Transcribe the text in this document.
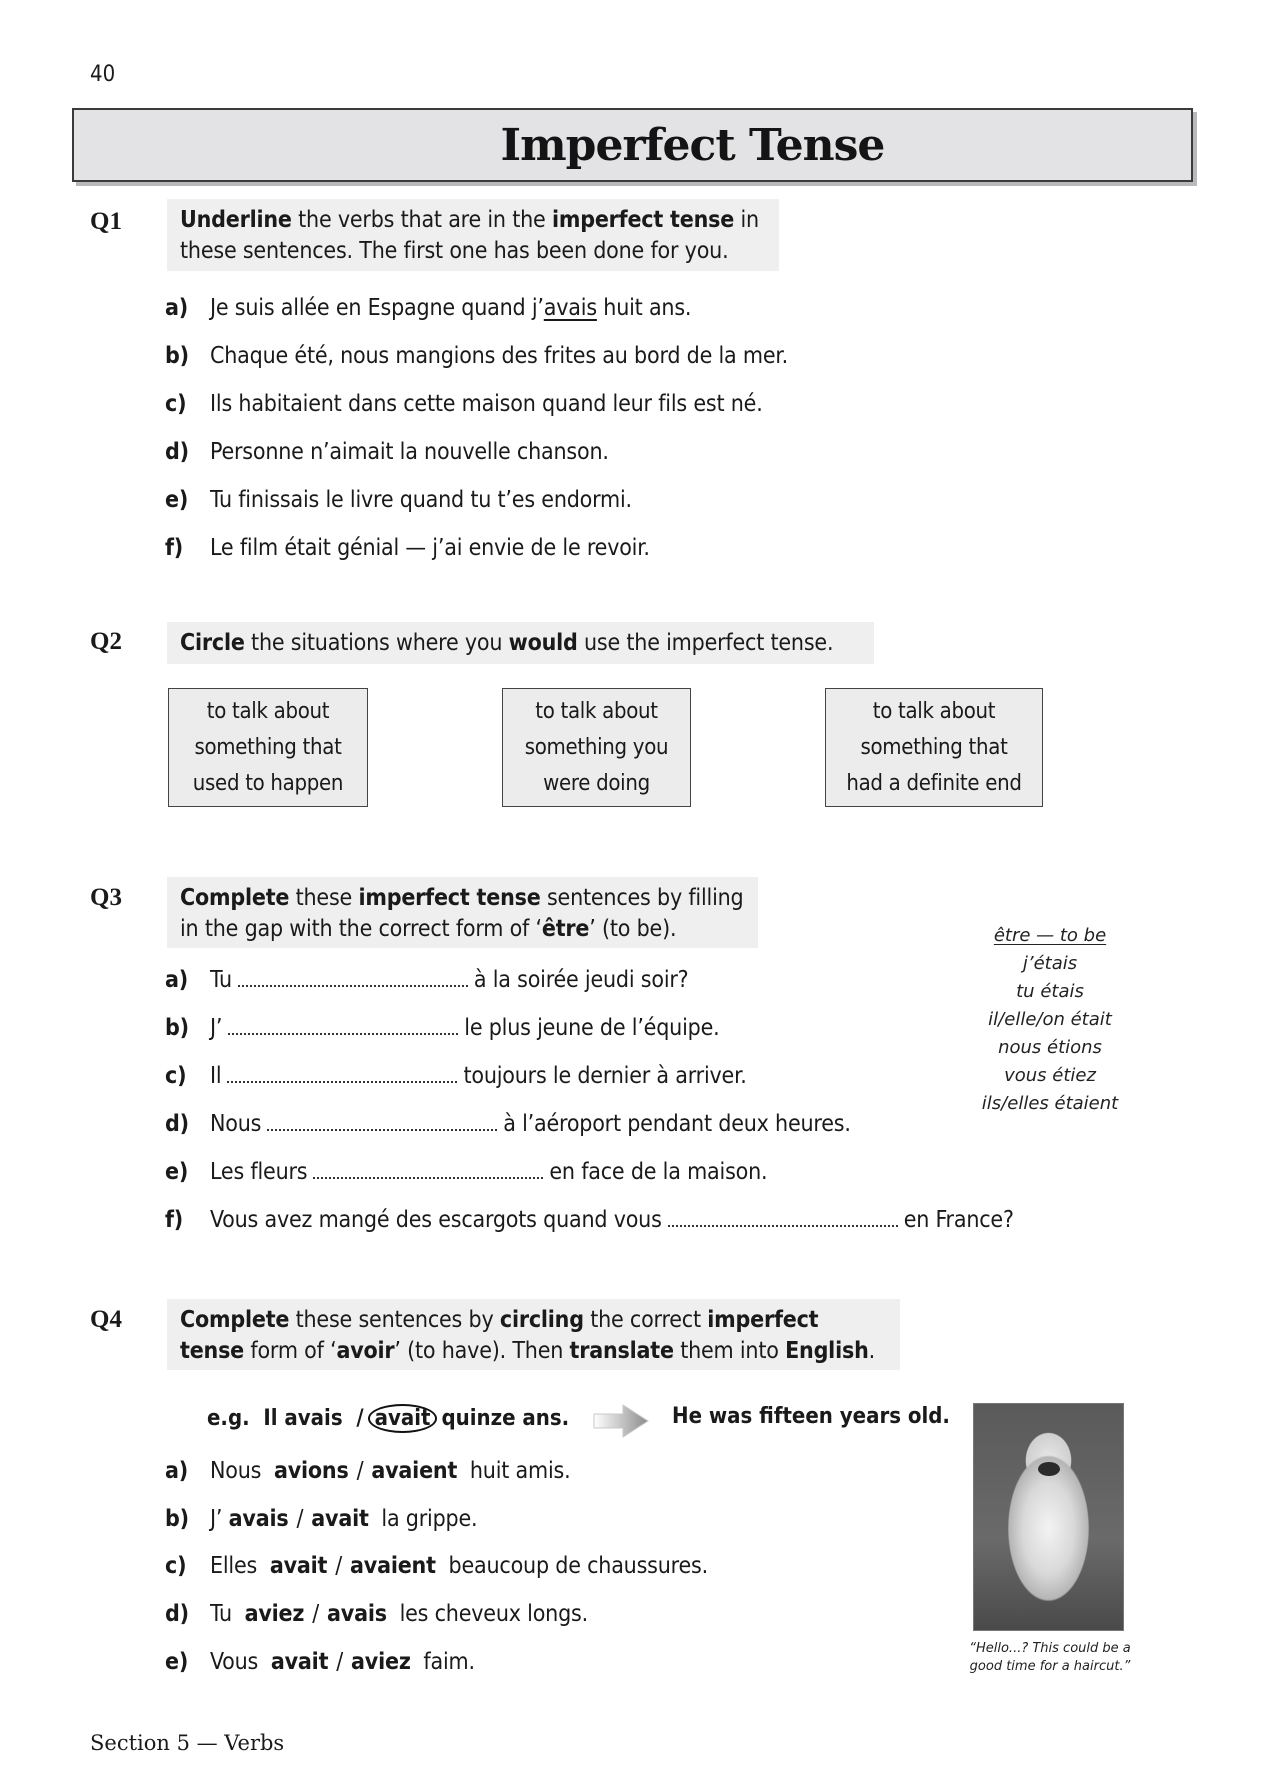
40
Imperfect Tense
Q1	Underline the verbs that are in the imperfect tense in
these sentences. The first one has been done for you.
a) Je suis allée en Espagne quand j’avais huit ans.
b) Chaque été, nous mangions des frites au bord de la mer.
c) Ils habitaient dans cette maison quand leur fils est né.
d) Personne n’aimait la nouvelle chanson.
e) Tu finissais le livre quand tu t’es endormi.
f) Le film était génial — j’ai envie de le revoir.
Q2	Circle the situations where you would use the imperfect tense.
to talk about
something that
used to happen
to talk about
something you
were doing
to talk about
something that
had a definite end
Q3	Complete these imperfect tense sentences by filling
in the gap with the correct form of ‘être’ (to be).
a) Tu	à la soirée jeudi soir?
b) J’	le plus jeune de l’équipe.
c) Il	toujours le dernier à arriver.
d) Nous	à l’aéroport pendant deux heures.
e) Les fleurs	en face de la maison.
f) Vous avez mangé des escargots quand vous	en France?
être — to be
j’étais
tu étais
il/elle/on était
nous étions
vous étiez
ils/elles étaient
Q4	Complete these sentences by circling the correct imperfect
tense form of ‘avoir’ (to have). Then translate them into English.
e.g.  Il avais  / avait quinze ans.	He was fifteen years old.
a) Nous avions / avaient huit amis.
b) J’ avais / avait la grippe.
c) Elles avait / avaient beaucoup de chaussures.
d) Tu aviez / avais les cheveux longs.
e) Vous avait / aviez faim.
“Hello...? This could be a
good time for a haircut.”
Section 5 — Verbs
